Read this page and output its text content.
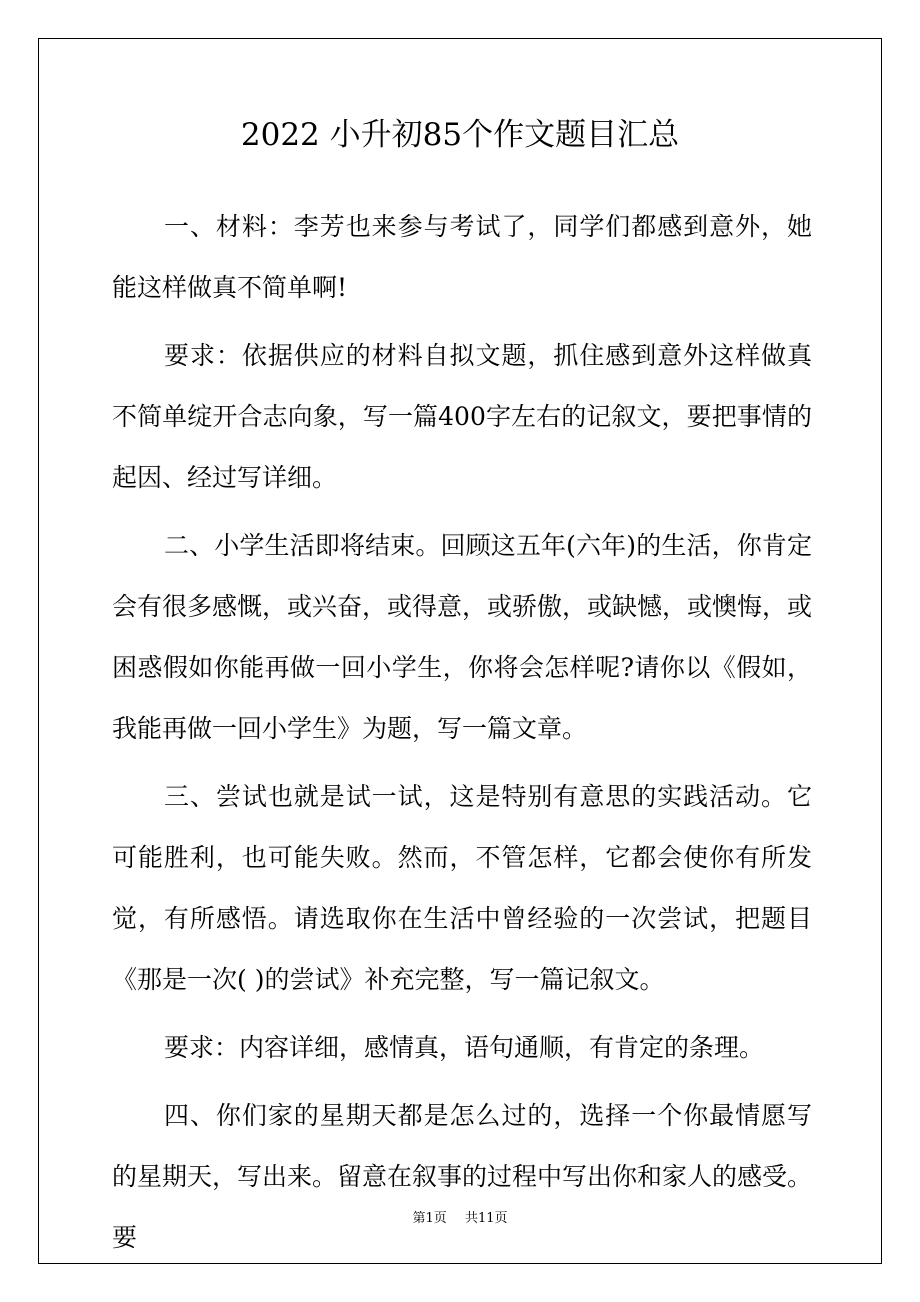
2022 小升初85个作文题目汇总

一、材料：李芳也来参与考试了，同学们都感到意外，她能这样做真不简单啊!

要求：依据供应的材料自拟文题，抓住感到意外这样做真不简单绽开合志向象，写一篇400字左右的记叙文，要把事情的起因、经过写详细。

二、小学生活即将结束。回顾这五年(六年)的生活，你肯定会有很多感慨，或兴奋，或得意，或骄傲，或缺憾，或懊悔，或困惑假如你能再做一回小学生，你将会怎样呢?请你以《假如，我能再做一回小学生》为题，写一篇文章。

三、尝试也就是试一试，这是特别有意思的实践活动。它可能胜利，也可能失败。然而，不管怎样，它都会使你有所发觉，有所感悟。请选取你在生活中曾经验的一次尝试，把题目《那是一次( )的尝试》补充完整，写一篇记叙文。

要求：内容详细，感情真，语句通顺，有肯定的条理。

四、你们家的星期天都是怎么过的，选择一个你最情愿写的星期天，写出来。留意在叙事的过程中写出你和家人的感受。要

第1页 共11页
